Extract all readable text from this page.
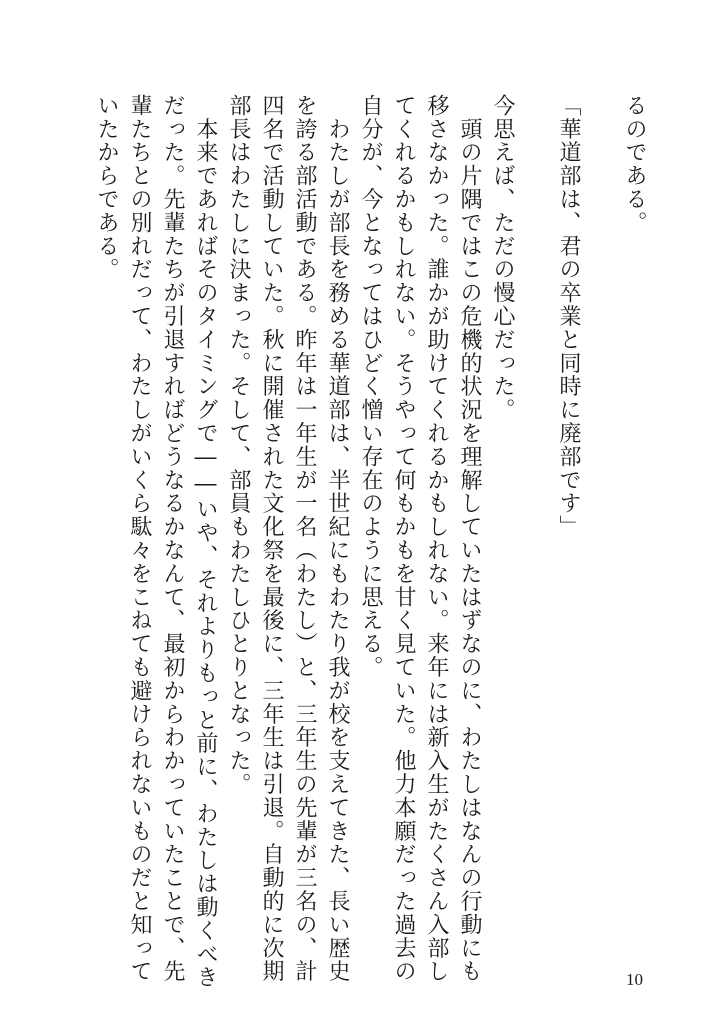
るのである。
「華道部は、君の卒業と同時に廃部です」
今思えば、ただの慢心だった。
　頭の片隅ではこの危機的状況を理解していたはずなのに、わたしはなんの行動にも
移さなかった。誰かが助けてくれるかもしれない。来年には新入生がたくさん入部し
てくれるかもしれない。そうやって何もかもを甘く見ていた。他力本願だった過去の
自分が、今となってはひどく憎い存在のように思える。
　わたしが部長を務める華道部は、半世紀にもわたり我が校を支えてきた、長い歴史
を誇る部活動である。昨年は一年生が一名（わたし）と、三年生の先輩が三名の、計
四名で活動していた。秋に開催された文化祭を最後に、三年生は引退。自動的に次期
部長はわたしに決まった。そして、部員もわたしひとりとなった。
　本来であればそのタイミングで――いや、それよりもっと前に、わたしは動くべき
だった。先輩たちが引退すればどうなるかなんて、最初からわかっていたことで、先
輩たちとの別れだって、わたしがいくら駄々をこねても避けられないものだと知って
いたからである。
10
